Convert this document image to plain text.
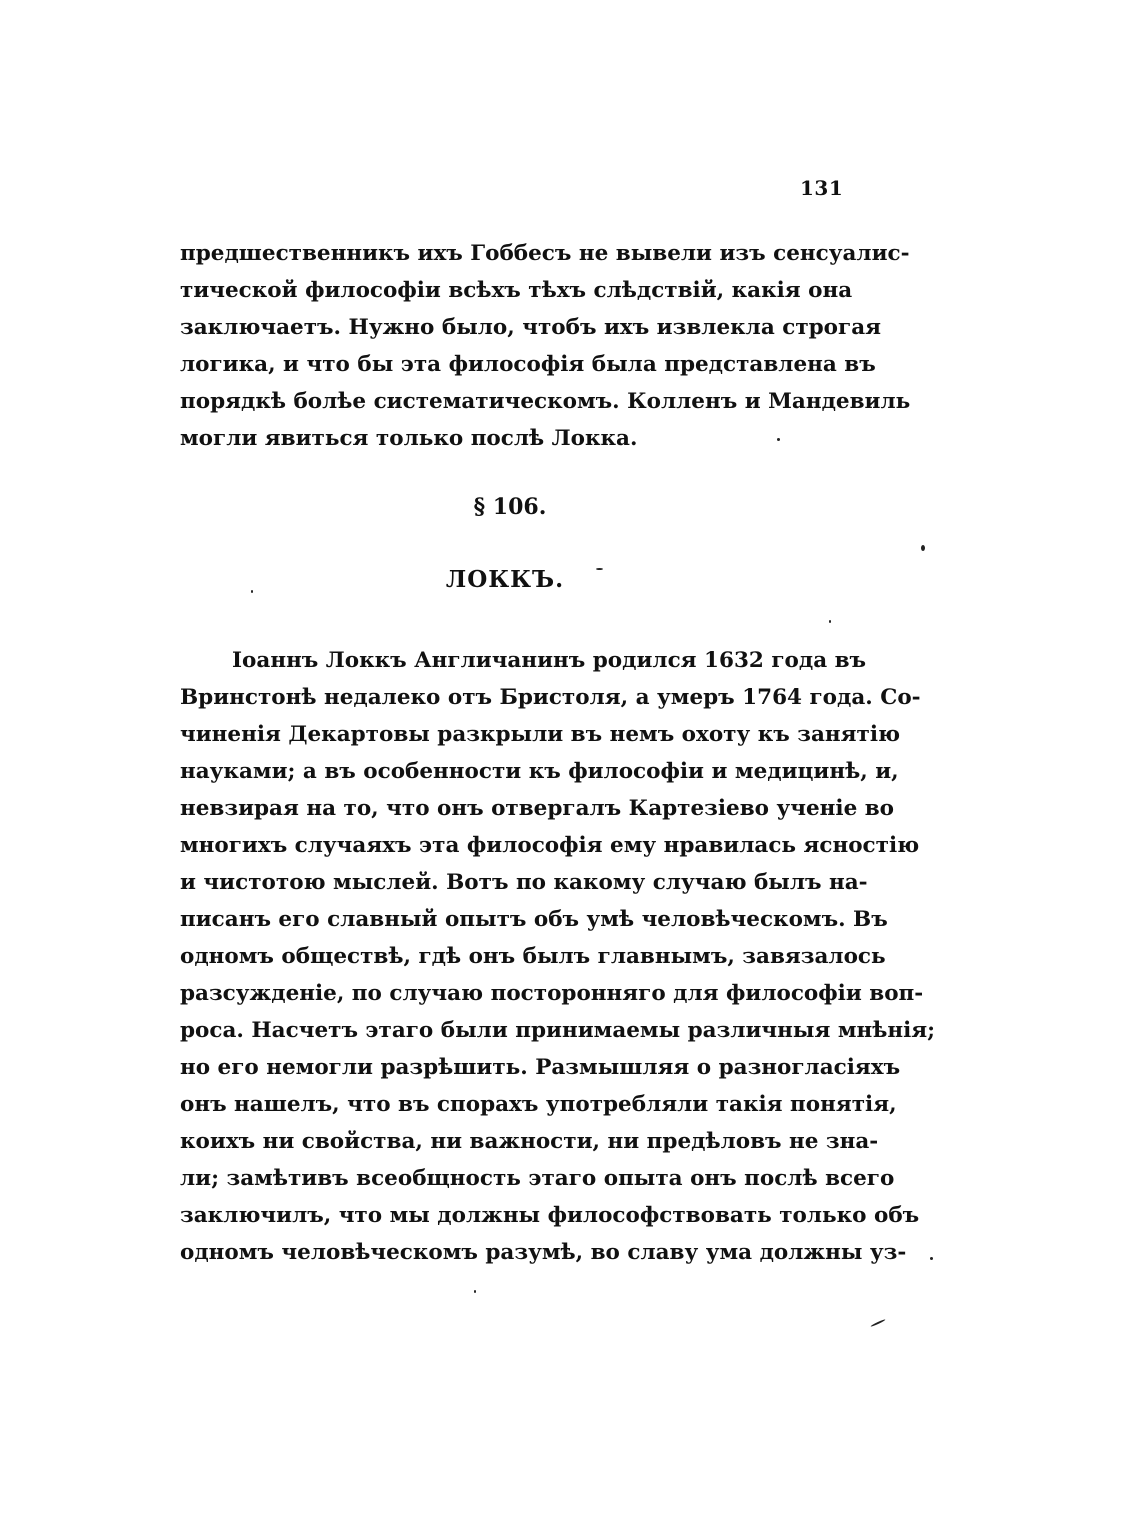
131
предшественникъ ихъ Гоббесъ не вывели изъ сенсуалис-
тической философіи всѣхъ тѣхъ слѣдствій, какія она
заключаетъ. Нужно было, чтобъ ихъ извлекла строгая
логика, и что бы эта философія была представлена въ
порядкѣ болѣе систематическомъ. Колленъ и Мандевиль
могли явиться только послѣ Локка.
§ 106.
ЛОККЪ.
Іоаннъ Локкъ Англичанинъ родился 1632 года въ
Вринстонѣ недалеко отъ Бристоля, а умеръ 1764 года. Со-
чиненія Декартовы разкрыли въ немъ охоту къ занятію
науками; а въ особенности къ философіи и медицинѣ, и,
невзирая на то, что онъ отвергалъ Картезіево ученіе во
многихъ случаяхъ эта философія ему нравилась ясностію
и чистотою мыслей. Вотъ по какому случаю былъ на-
писанъ его славный опытъ объ умѣ человѣческомъ. Въ
одномъ обществѣ, гдѣ онъ былъ главнымъ, завязалось
разсужденіе, по случаю посторонняго для философіи воп-
роса. Насчетъ этаго были принимаемы различныя мнѣнія;
но его немогли разрѣшить. Размышляя о разногласіяхъ
онъ нашелъ, что въ спорахъ употребляли такія понятія,
коихъ ни свойства, ни важности, ни предѣловъ не зна-
ли; замѣтивъ всеобщность этаго опыта онъ послѣ всего
заключилъ, что мы должны философствовать только объ
одномъ человѣческомъ разумѣ, во славу ума должны уз-
